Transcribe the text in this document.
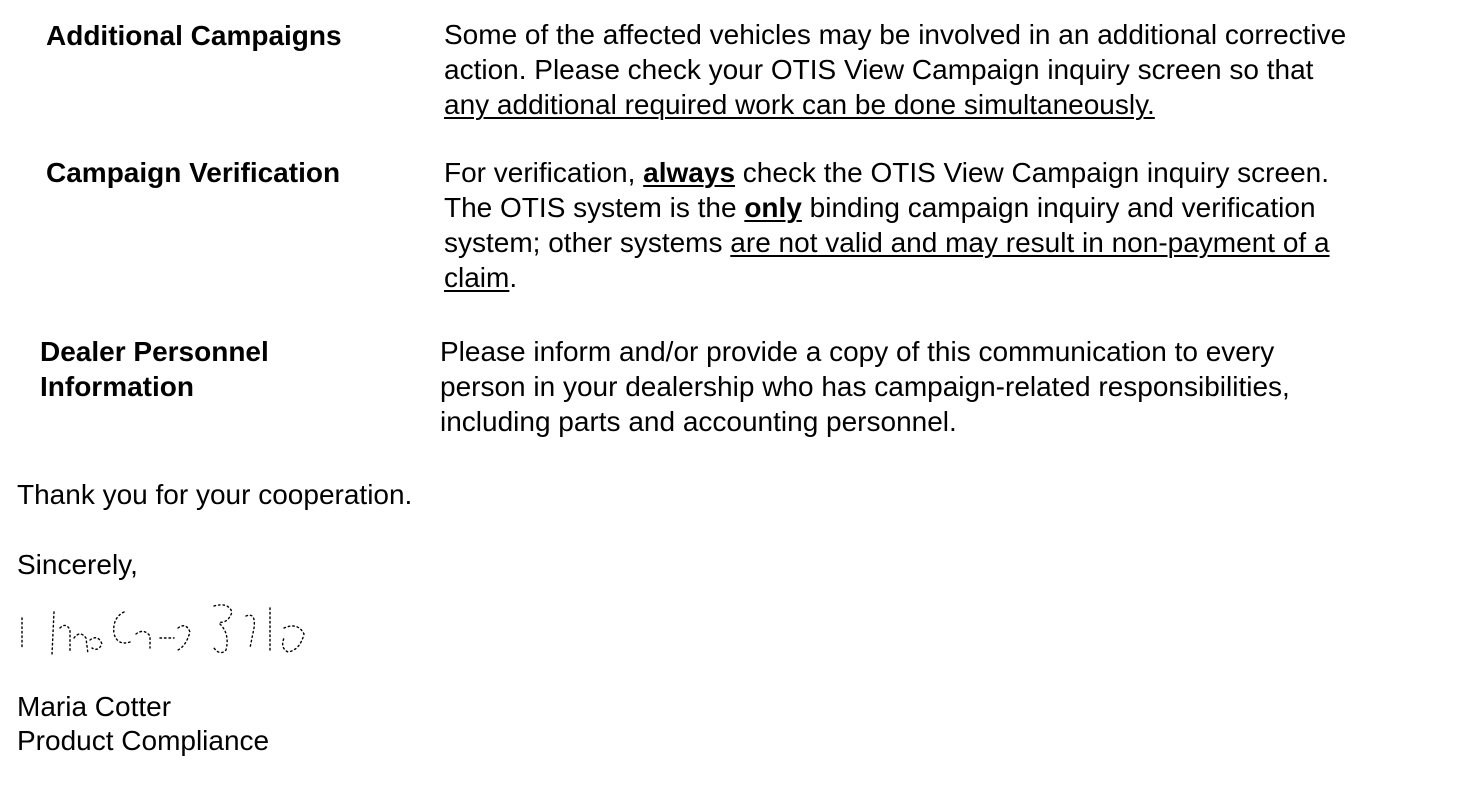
Additional Campaigns	Some of the affected vehicles may be involved in an additional corrective
action. Please check your OTIS View Campaign inquiry screen so that
any additional required work can be done simultaneously.
Campaign Verification	For verification, always check the OTIS View Campaign inquiry screen.
The OTIS system is the only binding campaign inquiry and verification
system; other systems are not valid and may result in non-payment of a
claim.
Dealer Personnel
Information
Please inform and/or provide a copy of this communication to every
person in your dealership who has campaign-related responsibilities,
including parts and accounting personnel.
Thank you for your cooperation.
Sincerely,
Maria Cotter
Product Compliance
